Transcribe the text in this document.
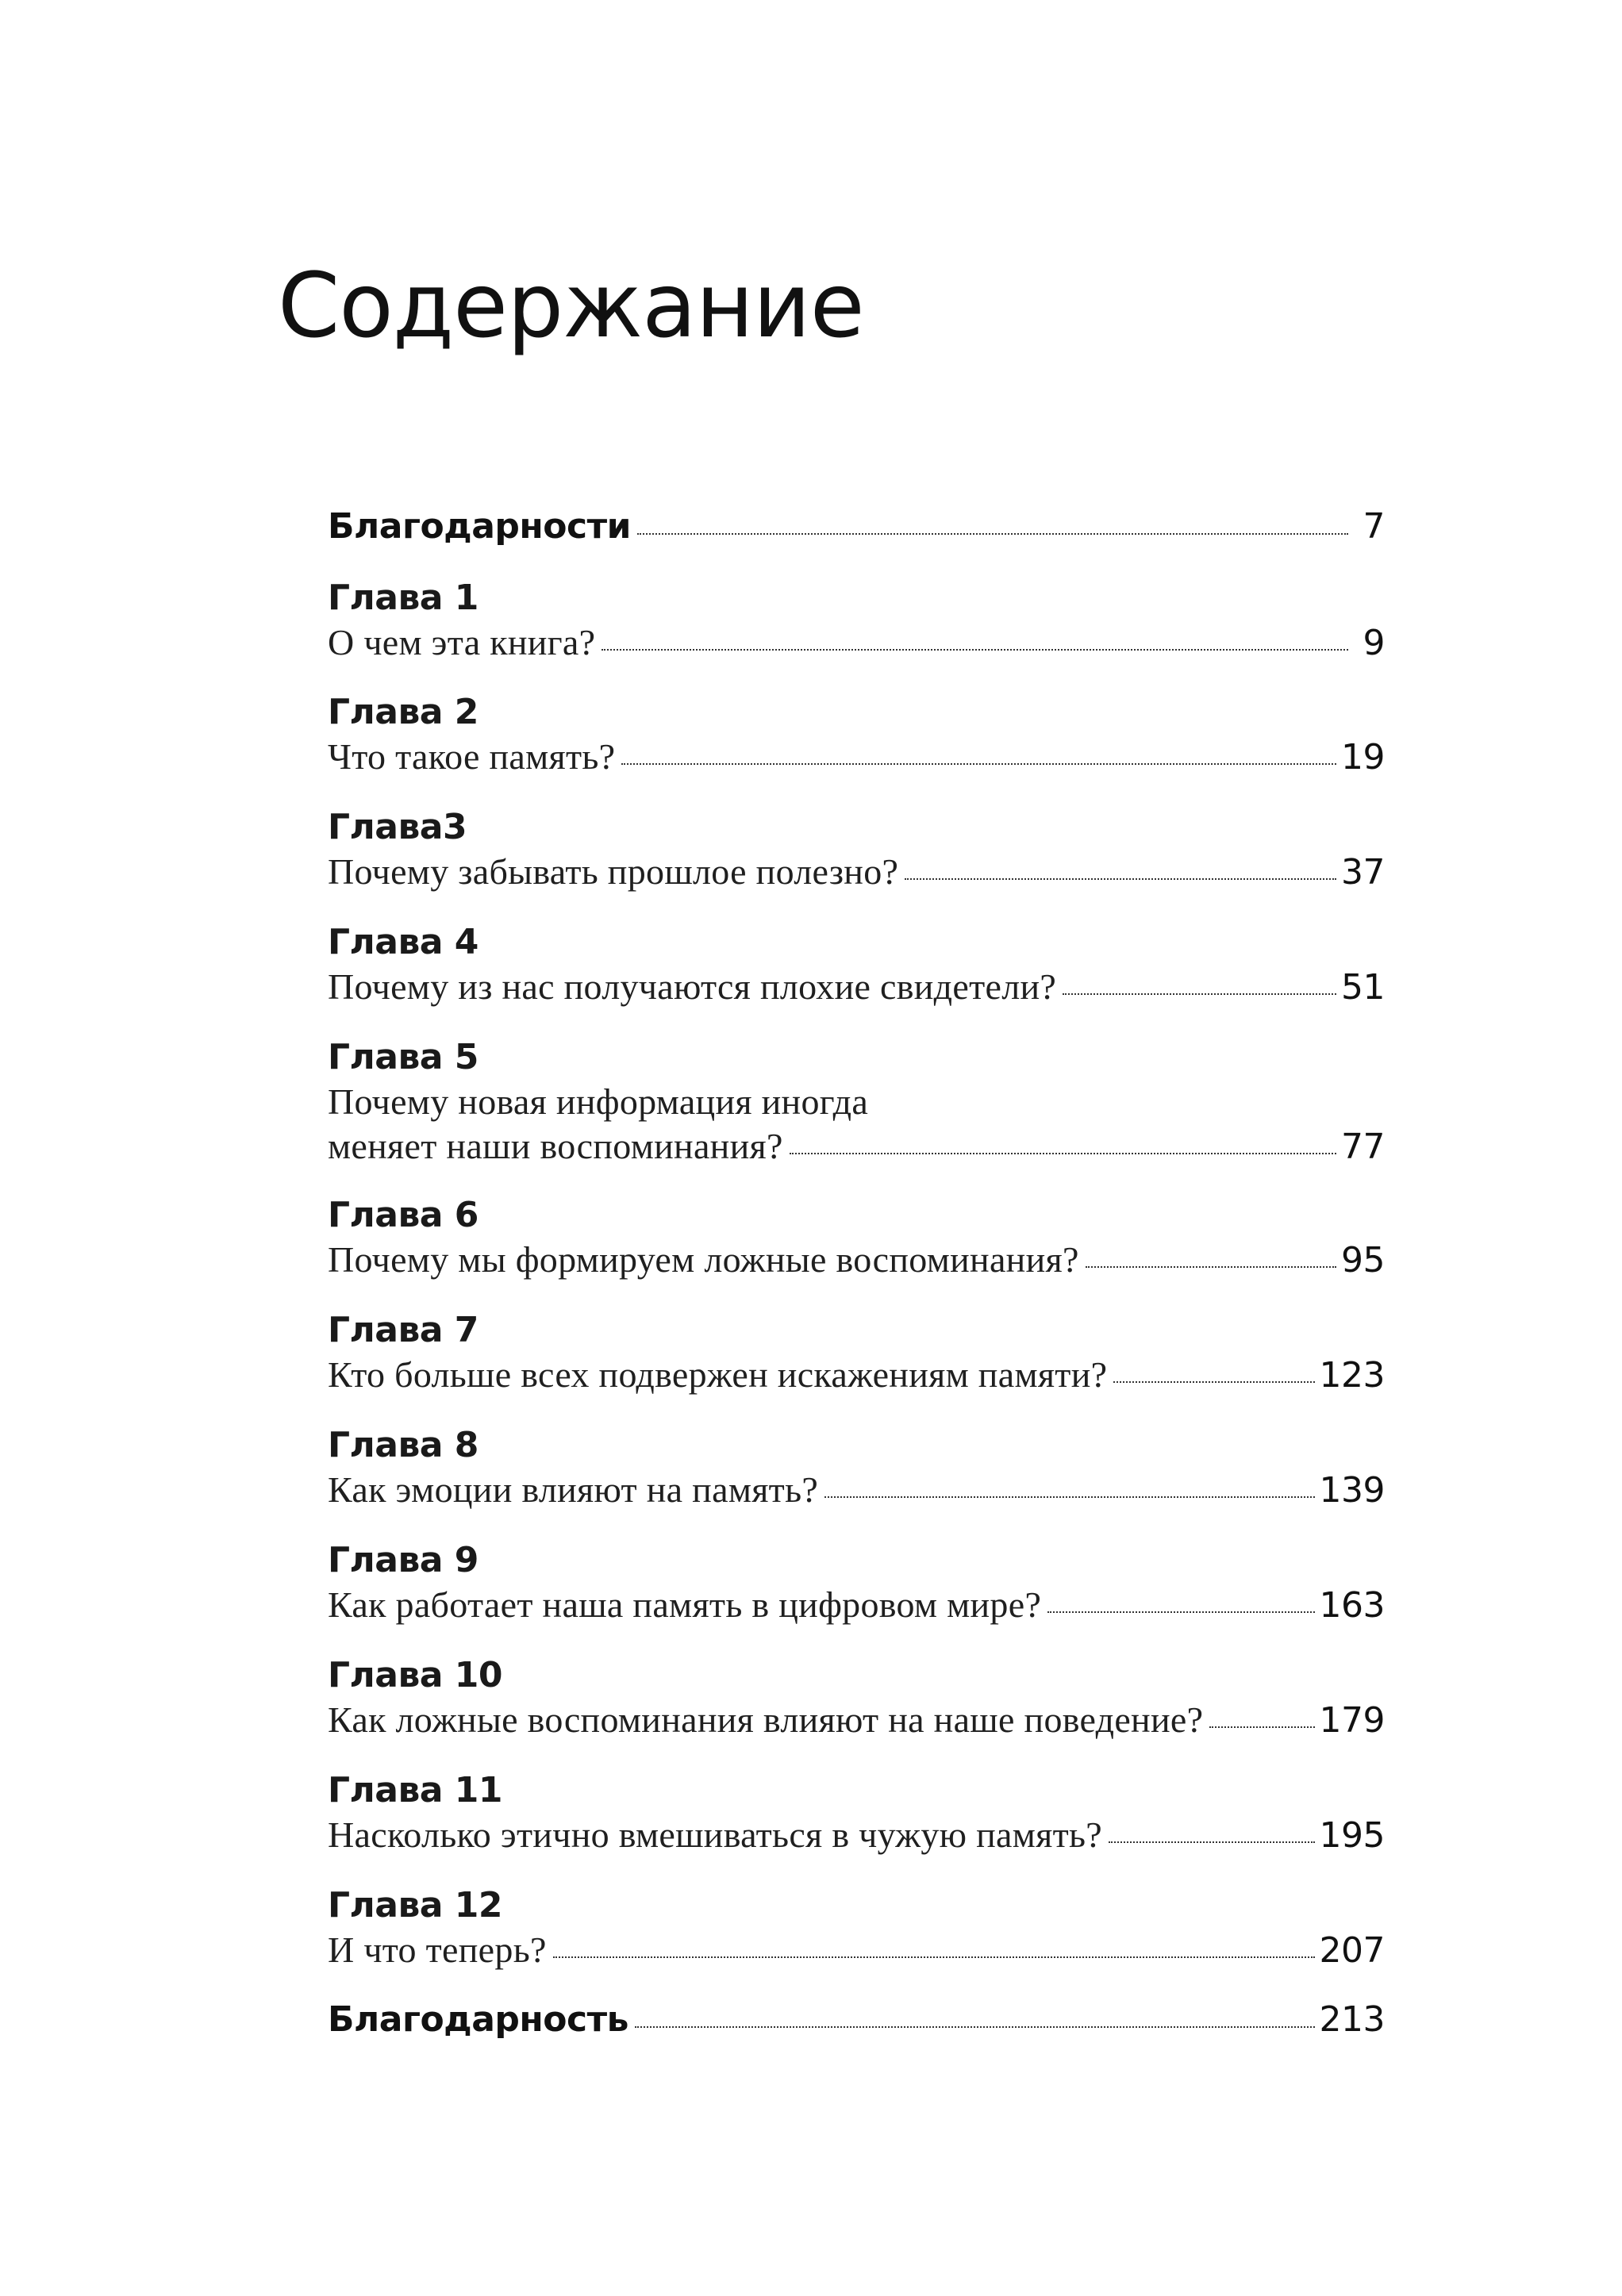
Содержание
Благодарности	7
Глава 1
О чем эта книга?	9
Глава 2
Что такое память?	19
Глава3
Почему забывать прошлое полезно?	37
Глава 4
Почему из нас получаются плохие свидетели?	51
Глава 5
Почему новая информация иногда
меняет наши воспоминания?	77
Глава 6
Почему мы формируем ложные воспоминания?	95
Глава 7
Кто больше всех подвержен искажениям памяти?	123
Глава 8
Как эмоции влияют на память?	139
Глава 9
Как работает наша память в цифровом мире?	163
Глава 10
Как ложные воспоминания влияют на наше поведение?	179
Глава 11
Насколько этично вмешиваться в чужую память?	195
Глава 12
И что теперь?	207
Благодарность	213
